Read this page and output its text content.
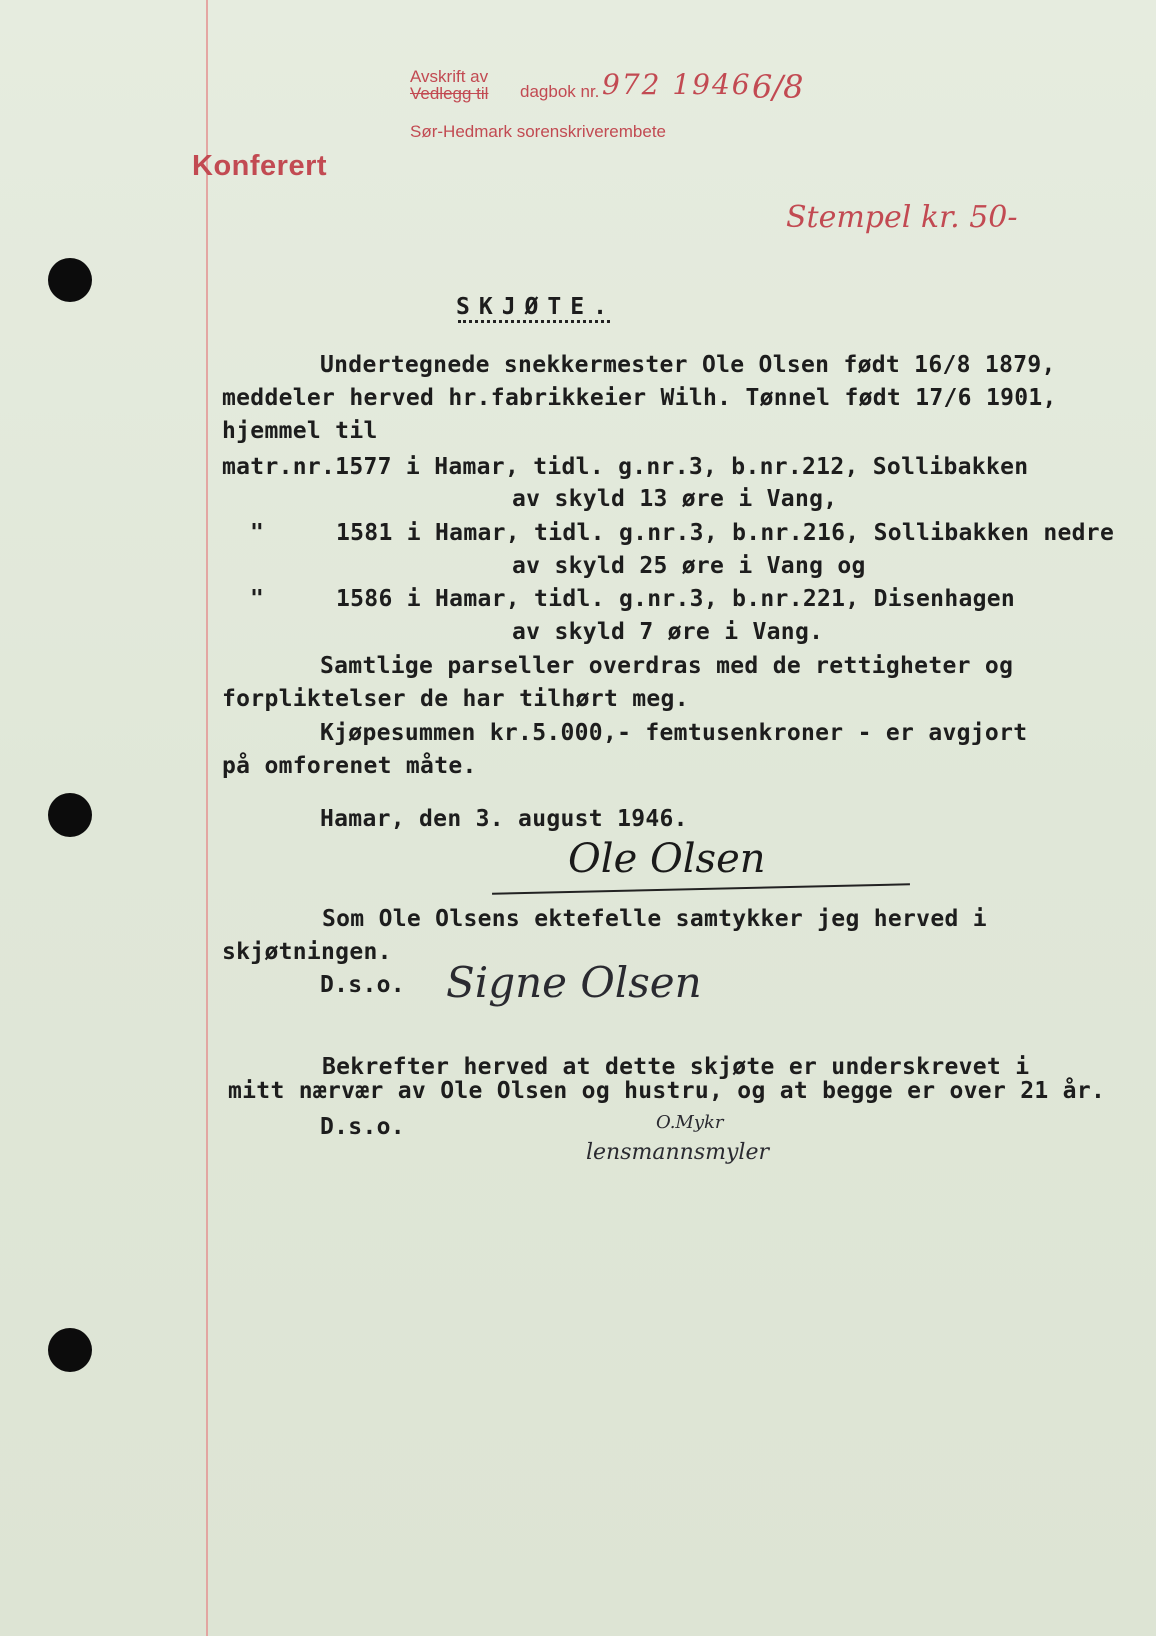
Avskrift av
Vedlegg til dagbok nr. 972 1946 6/8
Sør-Hedmark sorenskriverembete
Konferert
Stempel kr. 50-
SKJØTE.
Undertegnede snekkermester Ole Olsen født 16/8 1879,
meddeler herved hr.fabrikkeier Wilh. Tønnel født 17/6 1901,
hjemmel til
matr.nr.1577 i Hamar, tidl. g.nr.3, b.nr.212, Sollibakken
av skyld 13 øre i Vang,
"	1581 i Hamar, tidl. g.nr.3, b.nr.216, Sollibakken nedre
av skyld 25 øre i Vang og
"	1586 i Hamar, tidl. g.nr.3, b.nr.221, Disenhagen
av skyld 7 øre i Vang.
Samtlige parseller overdras med de rettigheter og
forpliktelser de har tilhørt meg.
Kjøpesummen kr.5.000,- femtusenkroner - er avgjort
på omforenet måte.
Hamar, den 3. august 1946.
Ole Olsen
Som Ole Olsens ektefelle samtykker jeg herved i
skjøtningen.
D.s.o. Signe Olsen
Bekrefter herved at dette skjøte er underskrevet i
mitt nærvær av Ole Olsen og hustru, og at begge er over 21 år.
D.s.o.	O.Mykr
lensmannsmyler
